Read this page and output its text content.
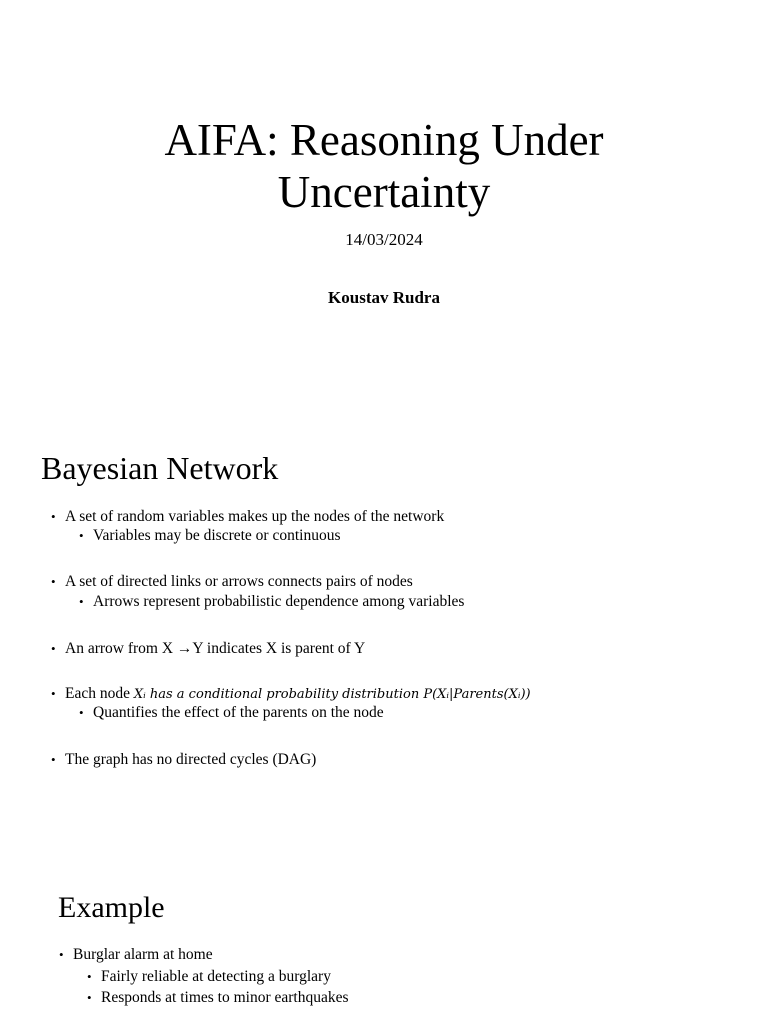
AIFA: Reasoning Under
Uncertainty
14/03/2024
Koustav Rudra
Bayesian Network
• A set of random variables makes up the nodes of the network
• Variables may be discrete or continuous
• A set of directed links or arrows connects pairs of nodes
• Arrows represent probabilistic dependence among variables
• An arrow from X →Y indicates X is parent of Y
• Each node Xᵢ has a conditional probability distribution P(Xᵢ|Parents(Xᵢ))
• Quantifies the effect of the parents on the node
• The graph has no directed cycles (DAG)
Example
• Burglar alarm at home
• Fairly reliable at detecting a burglary
• Responds at times to minor earthquakes
